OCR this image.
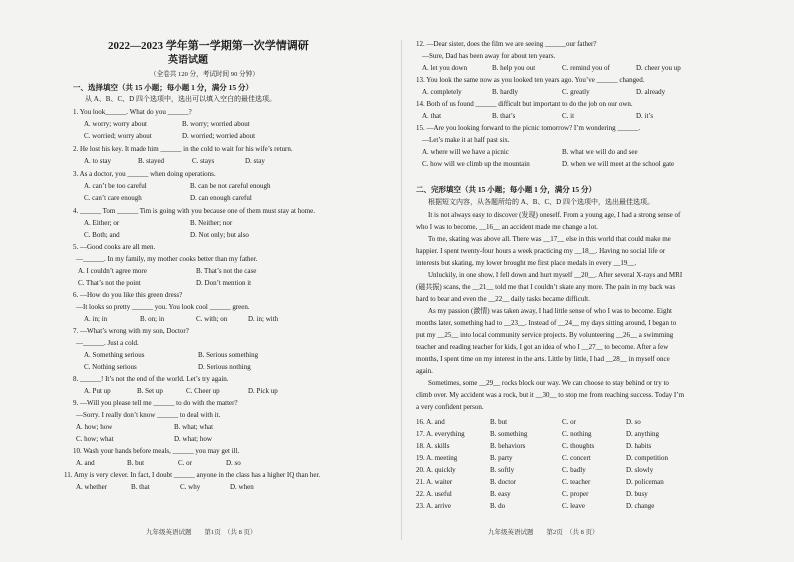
2022—2023 学年第一学期第一次学情调研
英语试题
（全卷共 120 分，考试时间 90 分钟）
一、选择填空（共 15 小题；每小题 1 分，满分 15 分）
从 A、B、C、D 四个选项中，选出可以填入空白的最佳选项。
1. You look______. What do you ______?
A. worry; worry about	B. worry; worried about
C. worried; worry about	D. worried; worried about
2. He lost his key. It made him ______ in the cold to wait for his wife’s return.
A. to stay	B. stayed	C. stays	D. stay
3. As a doctor, you ______ when doing operations.
A. can’t be too careful	B. can be not careful enough
C. can’t care enough	D. can enough careful
4. ______ Tom ______ Tim is going with you because one of them must stay at home.
A. Either; or	B. Neither; nor
C. Both; and	D. Not only; but also
5. —Good cooks are all men.
—______. In my family, my mother cooks better than my father.
A. I couldn’t agree more	B. That’s not the case
C. That’s not the point	D. Don’t mention it
6. —How do you like this green dress?
—It looks so pretty ______ you. You look cool ______ green.
A. in; in	B. on; in	C. with; on	D. in; with
7. —What’s wrong with my son, Doctor?
—______. Just a cold.
A. Something serious	B. Serious something
C. Nothing serious	D. Serious nothing
8. ______! It’s not the end of the world. Let’s try again.
A. Put up	B. Set up	C. Cheer up	D. Pick up
9. —Will you please tell me ______ to do with the matter?
—Sorry. I really don’t know ______ to deal with it.
A. how; how	B. what; what
C. how; what	D. what; how
10. Wash your hands before meals, ______ you may get ill.
A. and	B. but	C. or	D. so
11. Amy is very clever. In fact, I doubt ______ anyone in the class has a higher IQ than her.
A. whether	B. that	C. why	D. when
九年级英语试题　　第1页　（共 8 页）
12. —Dear sister, does the film we are seeing ______our father?
—Sure, Dad has been away for about ten years.
A. let you down	B. help you out	C. remind you of	D. cheer you up
13. You look the same now as you looked ten years ago. You’ve ______ changed.
A. completely	B. hardly	C. greatly	D. already
14. Both of us found ______ difficult but important to do the job on our own.
A. that	B. that’s	C. it	D. it’s
15. —Are you looking forward to the picnic tomorrow? I’m wondering ______.
—Let’s make it at half past six.
A. where will we have a picnic	B. what we will do and see
C. how will we climb up the mountain	D. when we will meet at the school gate
二、完形填空（共 15 小题；每小题 1 分，满分 15 分）
根据短文内容，从各题所给的 A、B、C、D 四个选项中，选出最佳选项。
It is not always easy to discover (发现) oneself. From a young age, I had a strong sense of
who I was to become, __16__ an accident made me change a lot.
To me, skating was above all. There was __17__ else in this world that could make me
happier. I spent twenty-four hours a week practicing my __18__. Having no social life or
interests but skating, my lower brought me first place medals in every __19__.
Unluckily, in one show, I fell down and hurt myself __20__. After several X-rays and MRI
(磁共振) scans, the __21__ told me that I couldn’t skate any more. The pain in my back was
hard to bear and even the __22__ daily tasks became difficult.
As my passion (激情) was taken away, I had little sense of who I was to become. Eight
months later, something had to __23__. Instead of __24__ my days sitting around, I began to
put my __25__ into local community service projects. By volunteering __26__ a swimming
teacher and reading teacher for kids, I got an idea of who I __27__ to become. After a few
months, I spent time on my interest in the arts. Little by little, I had __28__ in myself once
again.
Sometimes, some __29__ rocks block our way. We can choose to stay behind or try to
climb over. My accident was a rock, but it __30__ to stop me from reaching success. Today I’m
a very confident person.
16. A. and	B. but	C. or	D. so
17. A. everything	B. something	C. nothing	D. anything
18. A. skills	B. behaviors	C. thoughts	D. habits
19. A. meeting	B. party	C. concert	D. competition
20. A. quickly	B. softly	C. badly	D. slowly
21. A. waiter	B. doctor	C. teacher	D. policeman
22. A. useful	B. easy	C. proper	D. busy
23. A. arrive	B. do	C. leave	D. change
九年级英语试题　　第2页　（共 8 页）
